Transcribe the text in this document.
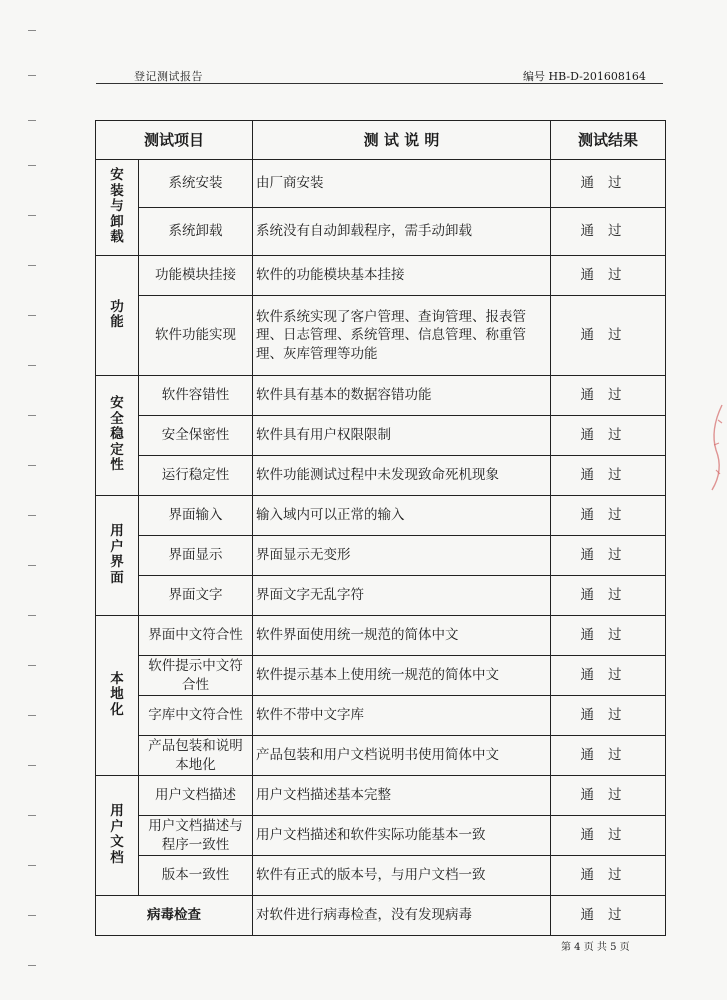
登记测试报告	编号 HB-D-201608164
测试项目		测 试 说 明	测试结果
安装与卸载	系统安装	由厂商安装	通过
	系统卸载	系统没有自动卸载程序，需手动卸载	通过
功能	功能模块挂接	软件的功能模块基本挂接	通过
	软件功能实现	软件系统实现了客户管理、查询管理、报表管理、日志管理、系统管理、信息管理、称重管理、灰库管理等功能	通过
安全稳定性	软件容错性	软件具有基本的数据容错功能	通过
	安全保密性	软件具有用户权限限制	通过
	运行稳定性	软件功能测试过程中未发现致命死机现象	通过
用户界面	界面输入	输入域内可以正常的输入	通过
	界面显示	界面显示无变形	通过
	界面文字	界面文字无乱字符	通过
本地化	界面中文符合性	软件界面使用统一规范的简体中文	通过
	软件提示中文符合性	软件提示基本上使用统一规范的简体中文	通过
	字库中文符合性	软件不带中文字库	通过
	产品包装和说明本地化	产品包装和用户文档说明书使用简体中文	通过
用户文档	用户文档描述	用户文档描述基本完整	通过
	用户文档描述与程序一致性	用户文档描述和软件实际功能基本一致	通过
	版本一致性	软件有正式的版本号，与用户文档一致	通过
病毒检查		对软件进行病毒检查，没有发现病毒	通过
第 4 页 共 5 页
